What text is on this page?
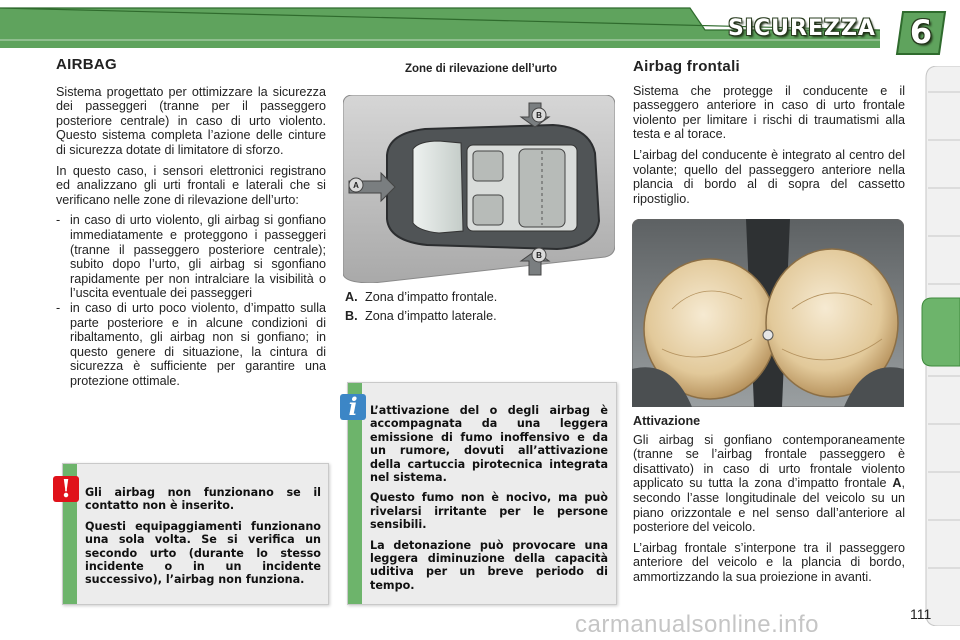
SICUREZZA	6
AIRBAG

Sistema progettato per ottimizzare la sicurezza dei passeggeri (tranne per il passeggero posteriore centrale) in caso di urto violento. Questo sistema completa l’azione delle cinture di sicurezza dotate di limitatore di sforzo.

In questo caso, i sensori elettronici registrano ed analizzano gli urti frontali e laterali che si verificano nelle zone di rilevazione dell’urto:

- in caso di urto violento, gli airbag si gonfiano immediatamente e proteggono i passeggeri (tranne il passeggero posteriore centrale); subito dopo l’urto, gli airbag si sgonfiano rapidamente per non intralciare la visibilità o l’uscita eventuale dei passeggeri
- in caso di urto poco violento, d’impatto sulla parte posteriore e in alcune condizioni di ribaltamento, gli airbag non si gonfiano; in questo genere di situazione, la cintura di sicurezza è sufficiente per garantire una protezione ottimale.
Zone di rilevazione dell’urto
A
B
B
A. Zona d’impatto frontale.
B. Zona d’impatto laterale.
Airbag frontali

Sistema che protegge il conducente e il passeggero anteriore in caso di urto frontale violento per limitare i rischi di traumatismi alla testa e al torace.

L’airbag del conducente è integrato al centro del volante; quello del passeggero anteriore nella plancia di bordo al di sopra del cassetto ripostiglio.

Attivazione

Gli airbag si gonfiano contemporaneamente (tranne se l’airbag frontale passeggero è disattivato) in caso di urto frontale violento applicato su tutta la zona d’impatto frontale A, secondo l’asse longitudinale del veicolo su un piano orizzontale e nel senso dall’anteriore al posteriore del veicolo.

L’airbag frontale s’interpone tra il passeggero anteriore del veicolo e la plancia di bordo, ammortizzando la sua proiezione in avanti.

Gli airbag non funzionano se il contatto non è inserito.

Questi equipaggiamenti funzionano una sola volta. Se si verifica un secondo urto (durante lo stesso incidente o in un incidente successivo), l’airbag non funziona.

!

L’attivazione del o degli airbag è accompagnata da una leggera emissione di fumo inoffensivo e da un rumore, dovuti all’attivazione della cartuccia pirotecnica integrata nel sistema.

Questo fumo non è nocivo, ma può rivelarsi irritante per le persone sensibili.

La detonazione può provocare una leggera diminuzione della capacità uditiva per un breve periodo di tempo.

i
carmanualsonline.info	111
